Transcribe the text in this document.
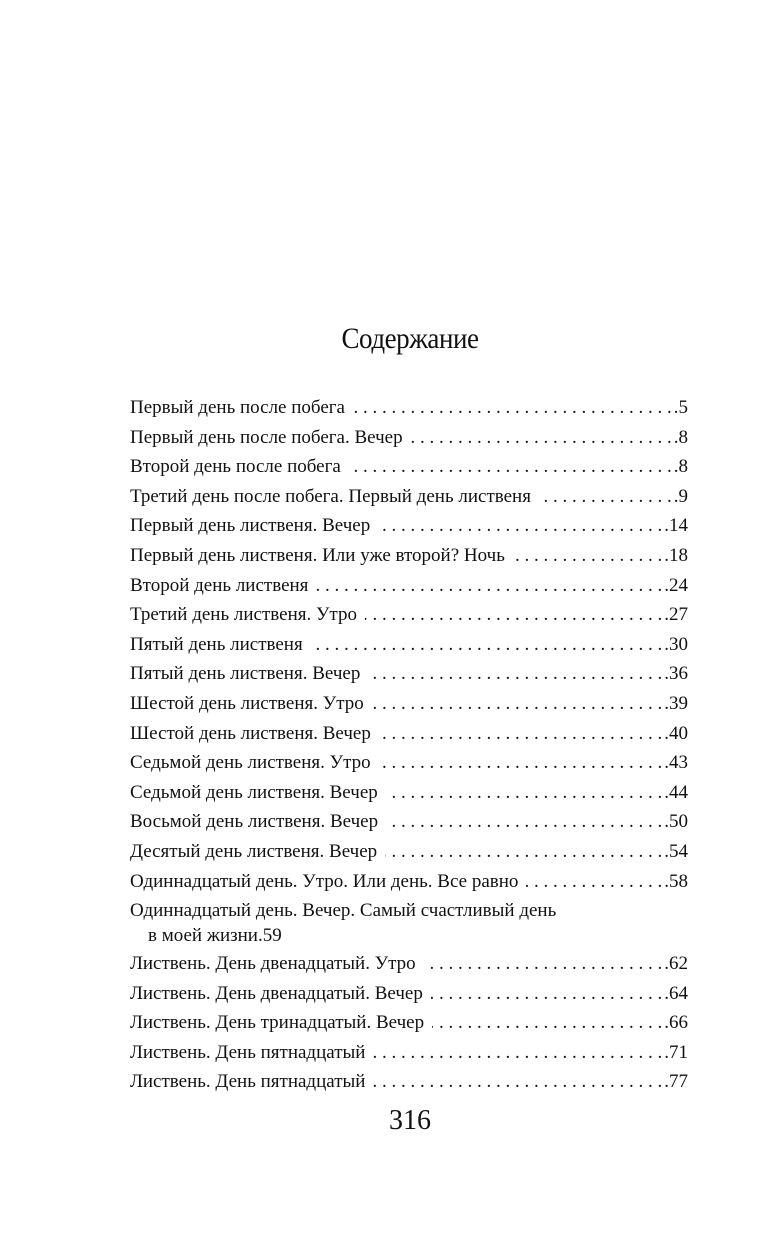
Содержание
Первый день после побега . . .	.5
Первый день после побега. Вечер . . .	.8
Второй день после побега . . .	.8
Третий день после побега. Первый день лиственя . . .	.9
Первый день лиственя. Вечер . . .	.14
Первый день лиственя. Или уже второй? Ночь . . .	.18
Второй день лиственя . . .	.24
Третий день лиственя. Утро . . .	.27
Пятый день лиственя . . .	.30
Пятый день лиственя. Вечер . . .	.36
Шестой день лиственя. Утро . . .	.39
Шестой день лиственя. Вечер . . .	.40
Седьмой день лиственя. Утро . . .	.43
Седьмой день лиственя. Вечер . . .	.44
Восьмой день лиственя. Вечер . . .	.50
Десятый день лиственя. Вечер . . .	.54
Одиннадцатый день. Утро. Или день. Все равно . . .	.58
Одиннадцатый день. Вечер. Самый счастливый день
в моей жизни .59
Листвень. День двенадцатый. Утро . . .	.62
Листвень. День двенадцатый. Вечер . . .	.64
Листвень. День тринадцатый. Вечер . . .	.66
Листвень. День пятнадцатый . . .	.71
Листвень. День пятнадцатый . . .	.77
316
